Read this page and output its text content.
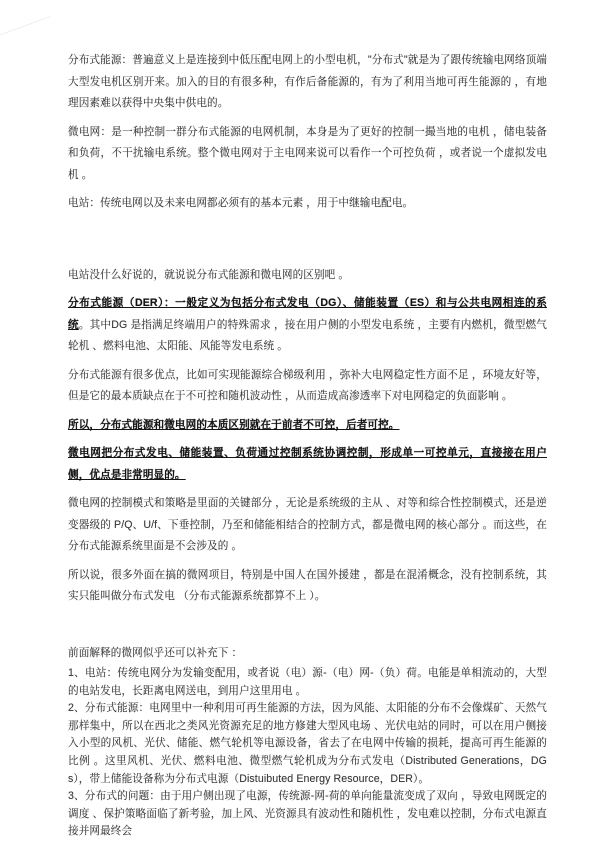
分布式能源：普遍意义上是连接到中低压配电网上的小型电机，"分布式"就是为了跟传统输电网络顶端大型发电机区别开来。加入的目的有很多种，有作后备能源的，有为了利用当地可再生能源的 ，有地理因素难以获得中央集中供电的。

微电网：是一种控制一群分布式能源的电网机制，本身是为了更好的控制一撮当地的电机 ，储电装备和负荷，不干扰输电系统。整个微电网对于主电网来说可以看作一个可控负荷 ，或者说一个虚拟发电机 。

电站：传统电网以及未来电网都必须有的基本元素 ，用于中继输电配电。

电站没什么好说的，就说说分布式能源和微电网的区别吧 。

分布式能源（DER）：一般定义为包括分布式发电（DG）、储能装置（ES）和与公共电网相连的系统。其中DG 是指满足终端用户的特殊需求 ，接在用户侧的小型发电系统 ，主要有内燃机，微型燃气轮机 、燃料电池、太阳能、风能等发电系统 。

分布式能源有很多优点，比如可实现能源综合梯级利用 ，弥补大电网稳定性方面不足 ，环境友好等，但是它的最本质缺点在于不可控和随机波动性 ，从而造成高渗透率下对电网稳定的负面影响 。

所以，分布式能源和微电网的本质区别就在于前者不可控，后者可控。

微电网把分布式发电、储能装置、负荷通过控制系统协调控制，形成单一可控单元，直接接在用户侧，优点是非常明显的。

微电网的控制模式和策略是里面的关键部分 ，无论是系统级的主从 、对等和综合性控制模式，还是逆变器级的 P/Q、U/f、下垂控制，乃至和储能相结合的控制方式，都是微电网的核心部分 。而这些，在分布式能源系统里面是不会涉及的 。

所以说，很多外面在搞的微网项目，特别是中国人在国外援建 ，都是在混淆概念，没有控制系统，其实只能叫做分布式发电 （分布式能源系统都算不上 ）。

前面解释的微网似乎还可以补充下 ：

1、电站：传统电网分为发输变配用，或者说（电）源-（电）网-（负）荷。电能是单相流动的，大型的电站发电，长距离电网送电，到用户这里用电 。

2、分布式能源：电网里中一种利用可再生能源的方法，因为风能、太阳能的分布不会像煤矿、天然气那样集中，所以在西北之类风光资源充足的地方修建大型风电场 、光伏电站的同时，可以在用户侧接入小型的风机、光伏、储能、燃气轮机等电源设备，省去了在电网中传输的损耗，提高可再生能源的比例 。这里风机、光伏、燃料电池、微型燃气轮机成为分布式发电（Distributed Generations，DGs），带上储能设备称为分布式电源（Distuibuted Energy Resource，DER）。

3、分布式的问题：由于用户侧出现了电源，传统源-网-荷的单向能量流变成了双向 ，导致电网既定的调度 、保护策略面临了新考验，加上风、光资源具有波动性和随机性 ，发电难以控制，分布式电源直接并网最终会
